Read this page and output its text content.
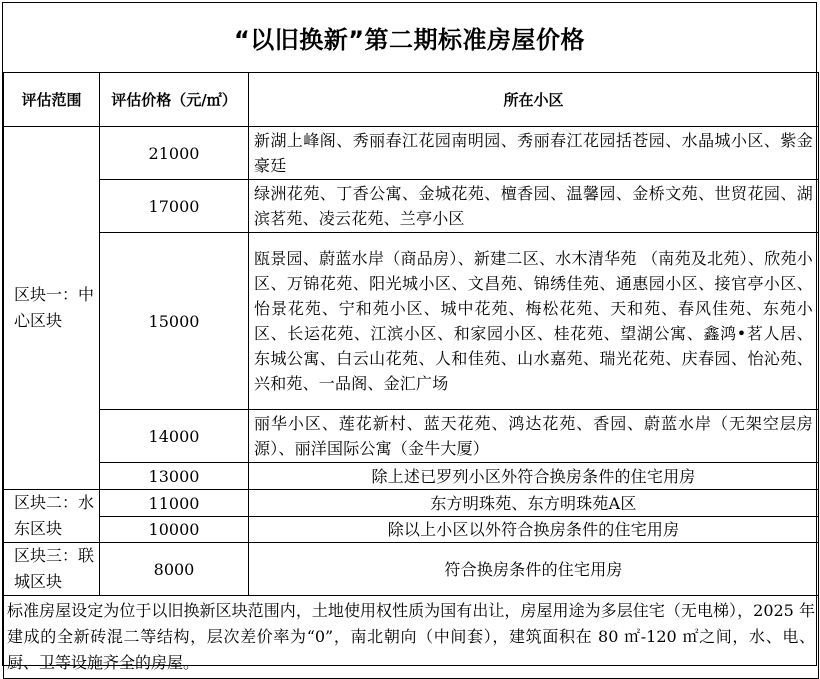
“以旧换新”第二期标准房屋价格
评估范围	评估价格（元/㎡）	所在小区
区块一：中心区块	21000	新湖上峰阁、秀丽春江花园南明园、秀丽春江花园括苍园、水晶城小区、紫金豪廷
	17000	绿洲花苑、丁香公寓、金城花苑、檀香园、温馨园、金桥文苑、世贸花园、湖滨茗苑、凌云花苑、兰亭小区
	15000	瓯景园、蔚蓝水岸（商品房）、新建二区、水木清华苑 （南苑及北苑）、欣苑小区、万锦花苑、阳光城小区、文昌苑、锦绣佳苑、通惠园小区、接官亭小区、怡景花苑、宁和苑小区、城中花苑、梅松花苑、天和苑、春风佳苑、东苑小区、长运花苑、江滨小区、和家园小区、桂花苑、望湖公寓、鑫鸿•茗人居、东城公寓、白云山花苑、人和佳苑、山水嘉苑、瑞光花苑、庆春园、怡沁苑、兴和苑、一品阁、金汇广场
	14000	丽华小区、莲花新村、蓝天花苑、鸿达花苑、香园、蔚蓝水岸（无架空层房源）、丽洋国际公寓（金牛大厦）
	13000	除上述已罗列小区外符合换房条件的住宅用房
区块二：水东区块	11000	东方明珠苑、东方明珠苑A区
	10000	除以上小区以外符合换房条件的住宅用房
区块三：联城区块	8000	符合换房条件的住宅用房
标准房屋设定为位于以旧换新区块范围内，土地使用权性质为国有出让，房屋用途为多层住宅（无电梯），2025 年建成的全新砖混二等结构，层次差价率为“0”，南北朝向（中间套），建筑面积在 80 ㎡-120 ㎡之间，水、电、厨、卫等设施齐全的房屋。		
